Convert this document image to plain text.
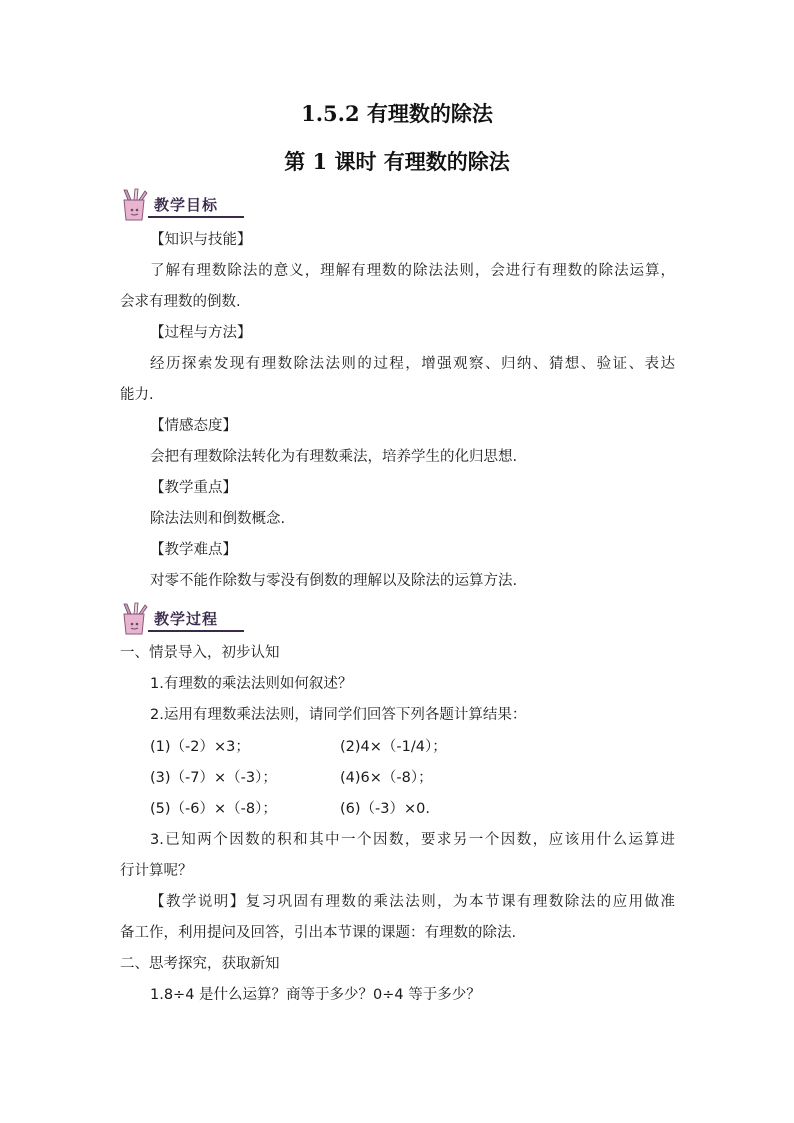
1.5.2 有理数的除法
第 1 课时 有理数的除法
教学目标
【知识与技能】
了解有理数除法的意义，理解有理数的除法法则，会进行有理数的除法运算，
会求有理数的倒数.
【过程与方法】
经历探索发现有理数除法法则的过程，增强观察、归纳、猜想、验证、表达
能力.
【情感态度】
会把有理数除法转化为有理数乘法，培养学生的化归思想.
【教学重点】
除法法则和倒数概念.
【教学难点】
对零不能作除数与零没有倒数的理解以及除法的运算方法.
教学过程
一、情景导入，初步认知
1.有理数的乘法法则如何叙述？
2.运用有理数乘法法则，请同学们回答下列各题计算结果：
(1)（-2）×3；	(2)4×（-1/4）；
(3)（-7）×（-3）；	(4)6×（-8）；
(5)（-6）×（-8）；	(6)（-3）×0.
3.已知两个因数的积和其中一个因数，要求另一个因数，应该用什么运算进
行计算呢？
【教学说明】复习巩固有理数的乘法法则，为本节课有理数除法的应用做准
备工作，利用提问及回答，引出本节课的课题：有理数的除法.
二、思考探究，获取新知
1.8÷4 是什么运算？商等于多少？0÷4 等于多少？
